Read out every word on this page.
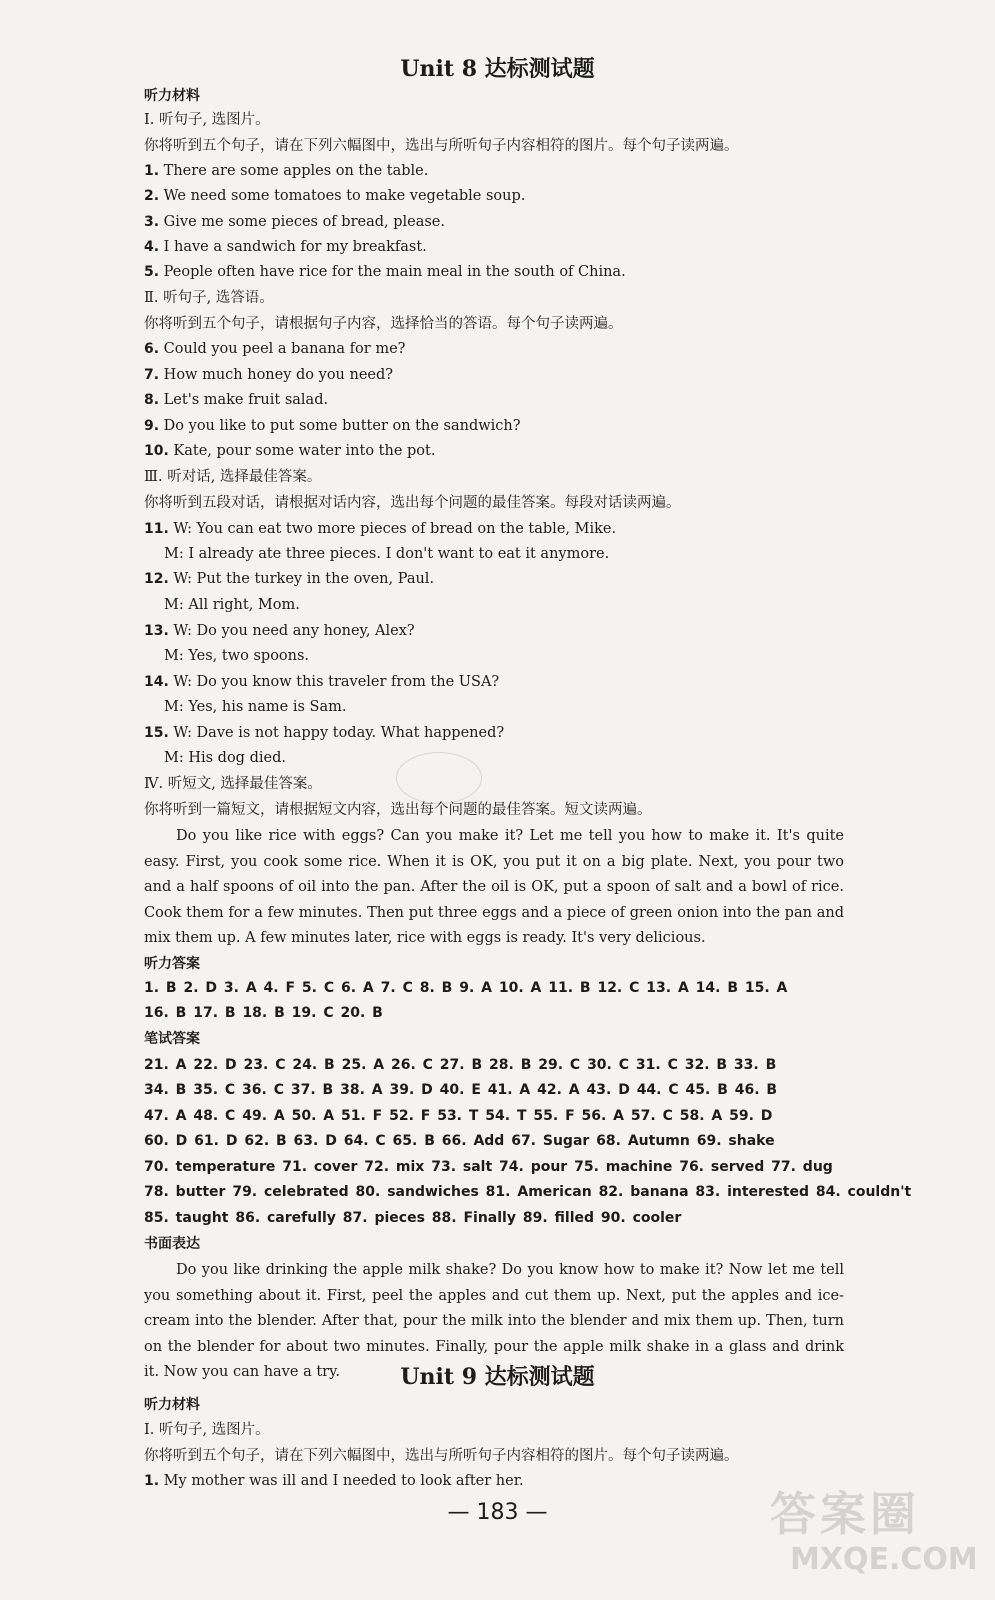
Unit 8 达标测试题
听力材料
Ⅰ. 听句子, 选图片。
你将听到五个句子，请在下列六幅图中，选出与所听句子内容相符的图片。每个句子读两遍。
1. There are some apples on the table.
2. We need some tomatoes to make vegetable soup.
3. Give me some pieces of bread, please.
4. I have a sandwich for my breakfast.
5. People often have rice for the main meal in the south of China.
Ⅱ. 听句子, 选答语。
你将听到五个句子，请根据句子内容，选择恰当的答语。每个句子读两遍。
6. Could you peel a banana for me?
7. How much honey do you need?
8. Let's make fruit salad.
9. Do you like to put some butter on the sandwich?
10. Kate, pour some water into the pot.
Ⅲ. 听对话, 选择最佳答案。
你将听到五段对话，请根据对话内容，选出每个问题的最佳答案。每段对话读两遍。
11. W: You can eat two more pieces of bread on the table, Mike.
M: I already ate three pieces. I don't want to eat it anymore.
12. W: Put the turkey in the oven, Paul.
M: All right, Mom.
13. W: Do you need any honey, Alex?
M: Yes, two spoons.
14. W: Do you know this traveler from the USA?
M: Yes, his name is Sam.
15. W: Dave is not happy today. What happened?
M: His dog died.
Ⅳ. 听短文, 选择最佳答案。
你将听到一篇短文，请根据短文内容，选出每个问题的最佳答案。短文读两遍。
Do you like rice with eggs? Can you make it? Let me tell you how to make it. It's quite easy. First, you cook some rice. When it is OK, you put it on a big plate. Next, you pour two and a half spoons of oil into the pan. After the oil is OK, put a spoon of salt and a bowl of rice. Cook them for a few minutes. Then put three eggs and a piece of green onion into the pan and mix them up. A few minutes later, rice with eggs is ready. It's very delicious.
听力答案
1. B 2. D 3. A 4. F 5. C 6. A 7. C 8. B 9. A 10. A 11. B 12. C 13. A 14. B 15. A
16. B 17. B 18. B 19. C 20. B
笔试答案
21. A 22. D 23. C 24. B 25. A 26. C 27. B 28. B 29. C 30. C 31. C 32. B 33. B
34. B 35. C 36. C 37. B 38. A 39. D 40. E 41. A 42. A 43. D 44. C 45. B 46. B
47. A 48. C 49. A 50. A 51. F 52. F 53. T 54. T 55. F 56. A 57. C 58. A 59. D
60. D 61. D 62. B 63. D 64. C 65. B 66. Add 67. Sugar 68. Autumn 69. shake
70. temperature 71. cover 72. mix 73. salt 74. pour 75. machine 76. served 77. dug
78. butter 79. celebrated 80. sandwiches 81. American 82. banana 83. interested 84. couldn't
85. taught 86. carefully 87. pieces 88. Finally 89. filled 90. cooler
书面表达
Do you like drinking the apple milk shake? Do you know how to make it? Now let me tell you something about it. First, peel the apples and cut them up. Next, put the apples and ice-cream into the blender. After that, pour the milk into the blender and mix them up. Then, turn on the blender for about two minutes. Finally, pour the apple milk shake in a glass and drink it. Now you can have a try.	Unit 9 达标测试题
听力材料
Ⅰ. 听句子, 选图片。
你将听到五个句子，请在下列六幅图中，选出与所听句子内容相符的图片。每个句子读两遍。
1. My mother was ill and I needed to look after her.
— 183 —	答案圈
MXQE.COM
